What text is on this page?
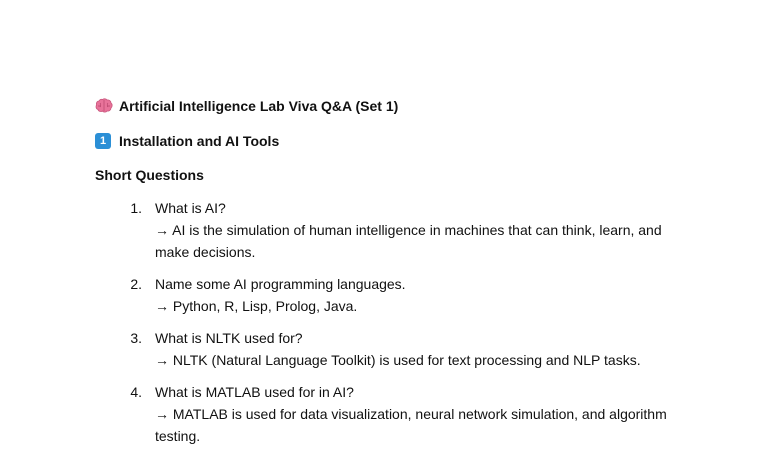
Artificial Intelligence Lab Viva Q&A (Set 1)
1 Installation and AI Tools
Short Questions
1. What is AI?
→ AI is the simulation of human intelligence in machines that can think, learn, and make decisions.
2. Name some AI programming languages.
→ Python, R, Lisp, Prolog, Java.
3. What is NLTK used for?
→ NLTK (Natural Language Toolkit) is used for text processing and NLP tasks.
4. What is MATLAB used for in AI?
→ MATLAB is used for data visualization, neural network simulation, and algorithm testing.
